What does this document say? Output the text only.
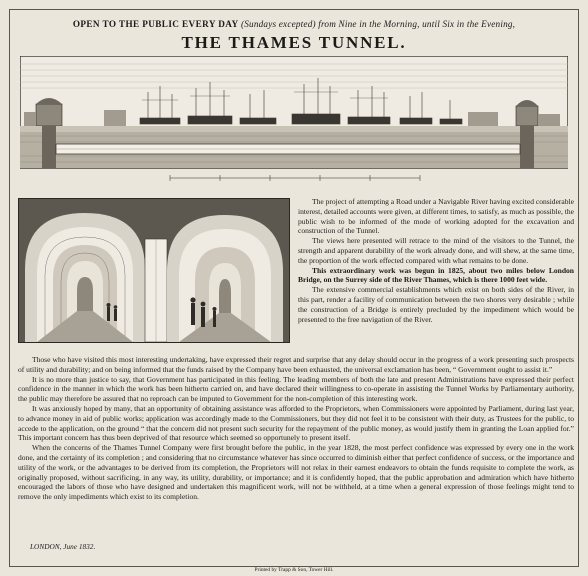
OPEN TO THE PUBLIC EVERY DAY (Sundays excepted) from Nine in the Morning, until Six in the Evening,
THE THAMES TUNNEL.

The project of attempting a Road under a Navigable River having excited considerable interest, detailed accounts were given, at different times, to satisfy, as much as possible, the public wish to be informed of the mode of working adopted for the excavation and construction of the Tunnel.

The views here presented will retrace to the mind of the visitors to the Tunnel, the strength and apparent durability of the work already done, and will shew, at the same time, the proportion of the work effected compared with what remains to be done.

This extraordinary work was begun in 1825, about two miles below London Bridge, on the Surrey side of the River Thames, which is there 1000 feet wide.

The extensive commercial establishments which exist on both sides of the River, in this part, render a facility of communication between the two shores very desirable ; while the construction of a Bridge is entirely precluded by the impediment which would be presented to the free navigation of the River.

Those who have visited this most interesting undertaking, have expressed their regret and surprise that any delay should occur in the progress of a work presenting such prospects of utility and durability; and on being informed that the funds raised by the Company have been exhausted, the universal exclamation has been, “ Government ought to assist it.”

It is no more than justice to say, that Government has participated in this feeling. The leading members of both the late and present Administrations have expressed their perfect confidence in the manner in which the work has been hitherto carried on, and have declared their willingness to co-operate in assisting the Tunnel Works by Parliamentary authority, the public may therefore be assured that no reproach can be imputed to Government for the non-completion of this interesting work.

It was anxiously hoped by many, that an opportunity of obtaining assistance was afforded to the Proprietors, when Commissioners were appointed by Parliament, during last year, to advance money in aid of public works; application was accordingly made to the Commissioners, but they did not feel it to be consistent with their duty, as Trustees for the public, to accede to the application, on the ground “ that the concern did not present such security for the repayment of the public money, as would justify them in granting the Loan applied for.” This important concern has thus been deprived of that resource which seemed so opportunely to present itself.

When the concerns of the Thames Tunnel Company were first brought before the public, in the year 1828, the most perfect confidence was expressed by every one in the work done, and the certainty of its completion ; and considering that no circumstance whatever has since occurred to diminish either that perfect confidence of success, or the importance and utility of the work, or the advantages to be derived from its completion, the Proprietors will not relax in their earnest endeavors to obtain the funds requisite to complete the work, as originally proposed, without sacrificing, in any way, its utility, durability, or importance; and it is confidently hoped, that the public approbation and admiration which have hitherto encouraged the labors of those who have designed and undertaken this magnificent work, will not be withheld, at a time when a general expression of those feelings might tend to remove the only impediments which exist to its completion.

LONDON, June 1832.
Printed by Trapp & Son, Tower Hill.
